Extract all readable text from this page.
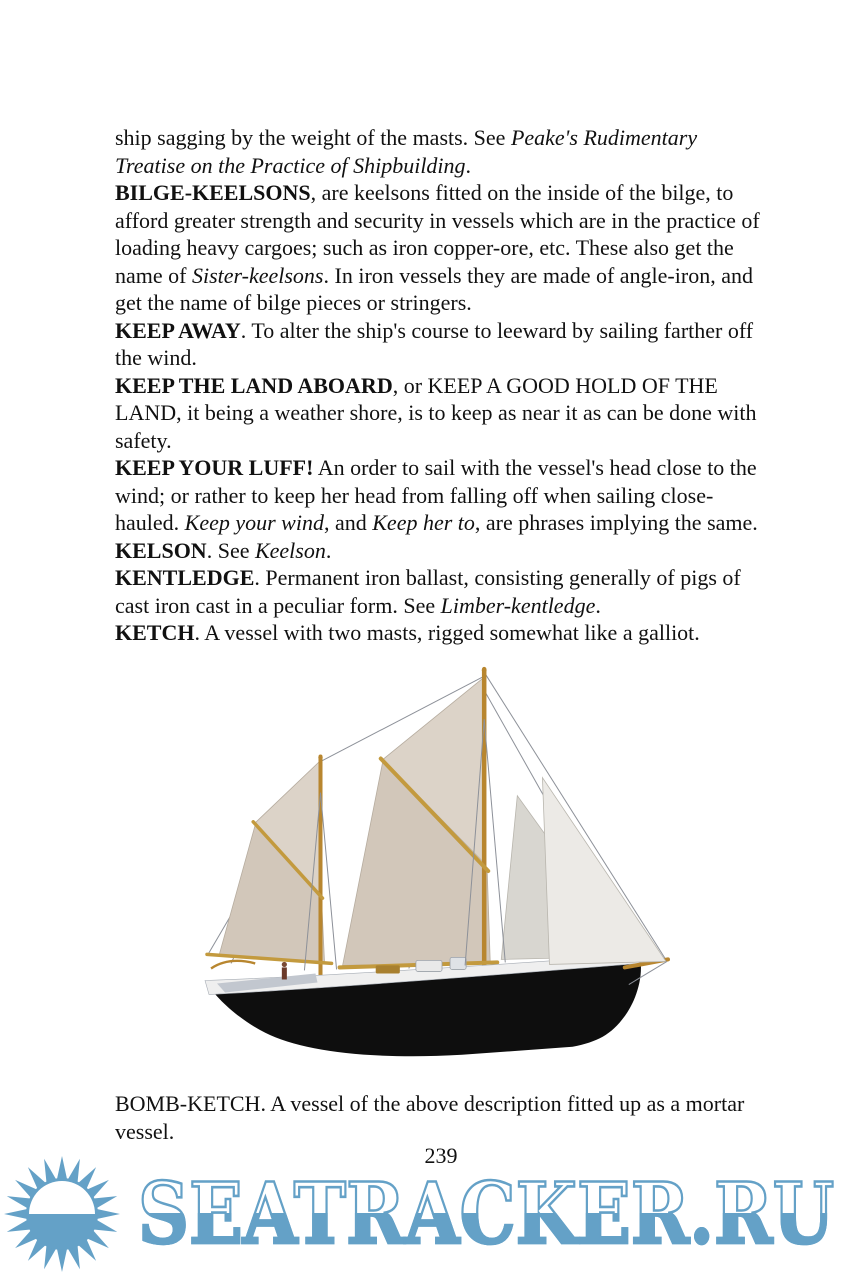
ship sagging by the weight of the masts. See Peake's Rudimentary Treatise on the Practice of Shipbuilding.

BILGE-KEELSONS, are keelsons fitted on the inside of the bilge, to afford greater strength and security in vessels which are in the practice of loading heavy cargoes; such as iron copper-ore, etc. These also get the name of Sister-keelsons. In iron vessels they are made of angle-iron, and get the name of bilge pieces or stringers.

KEEP AWAY. To alter the ship's course to leeward by sailing farther off the wind.

KEEP THE LAND ABOARD, or KEEP A GOOD HOLD OF THE LAND, it being a weather shore, is to keep as near it as can be done with safety.

KEEP YOUR LUFF! An order to sail with the vessel's head close to the wind; or rather to keep her head from falling off when sailing close-hauled. Keep your wind, and Keep her to, are phrases implying the same.

KELSON. See Keelson.

KENTLEDGE. Permanent iron ballast, consisting generally of pigs of cast iron cast in a peculiar form. See Limber-kentledge.

KETCH. A vessel with two masts, rigged somewhat like a galliot.

BOMB-KETCH. A vessel of the above description fitted up as a mortar vessel.

239
SEATRACKER.RU
